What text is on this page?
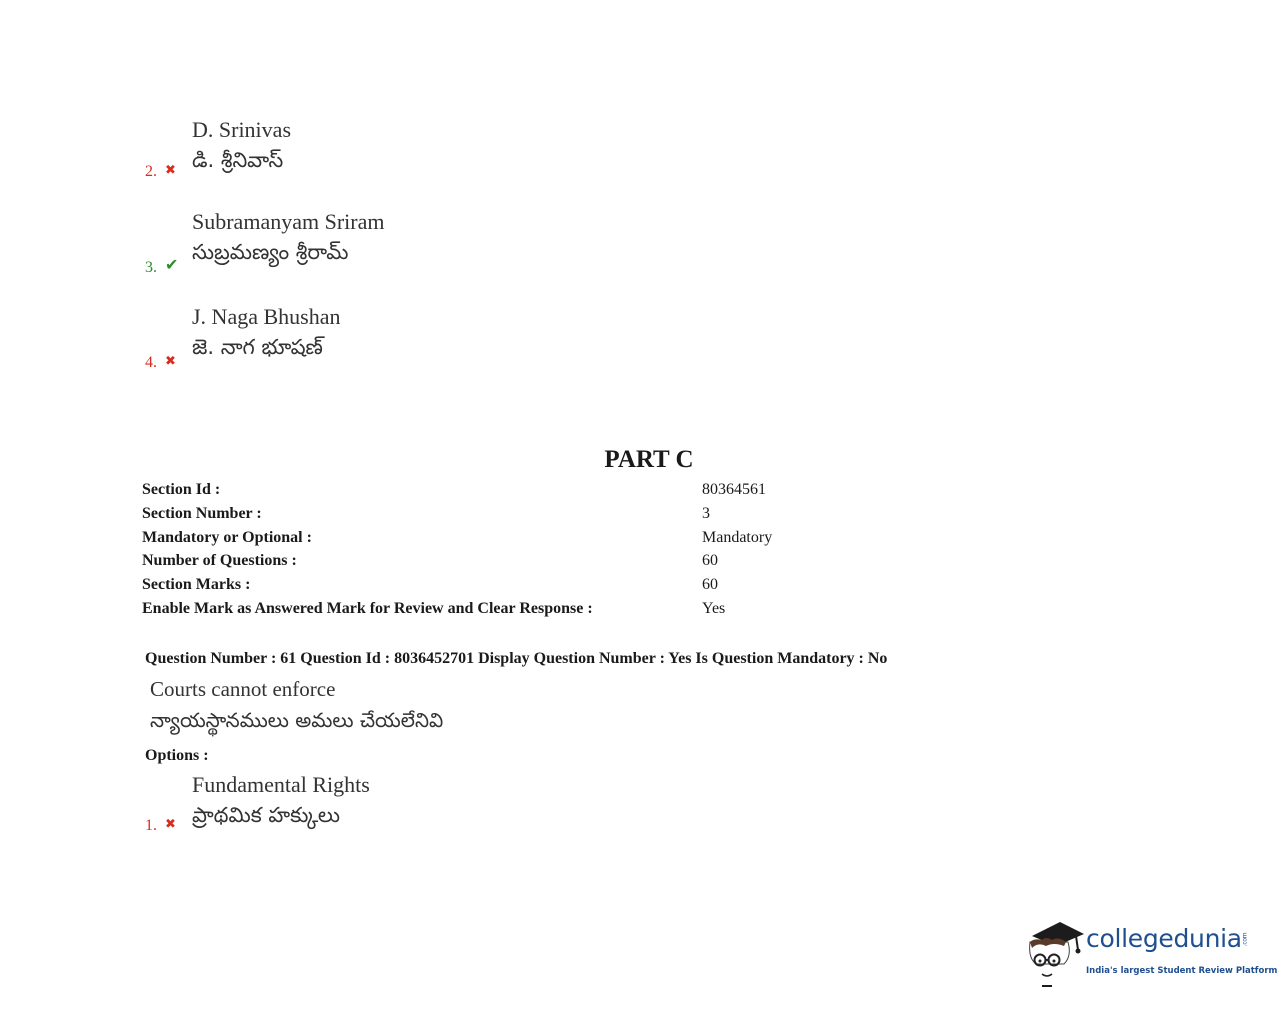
D. Srinivas
డి. శ్రీనివాస్
2. ✖
Subramanyam Sriram
సుబ్రమణ్యం శ్రీరామ్
3. ✔
J. Naga Bhushan
జె. నాగ భూషణ్
4. ✖
PART C
Section Id :	80364561
Section Number :	3
Mandatory or Optional :	Mandatory
Number of Questions :	60
Section Marks :	60
Enable Mark as Answered Mark for Review and Clear Response :	Yes
Question Number : 61 Question Id : 8036452701 Display Question Number : Yes Is Question Mandatory : No
Courts cannot enforce
న్యాయస్థానములు అమలు చేయలేనివి
Options :
Fundamental Rights
ప్రాథమిక హక్కులు
1. ✖
collegedunia.com
India's largest Student Review Platform
